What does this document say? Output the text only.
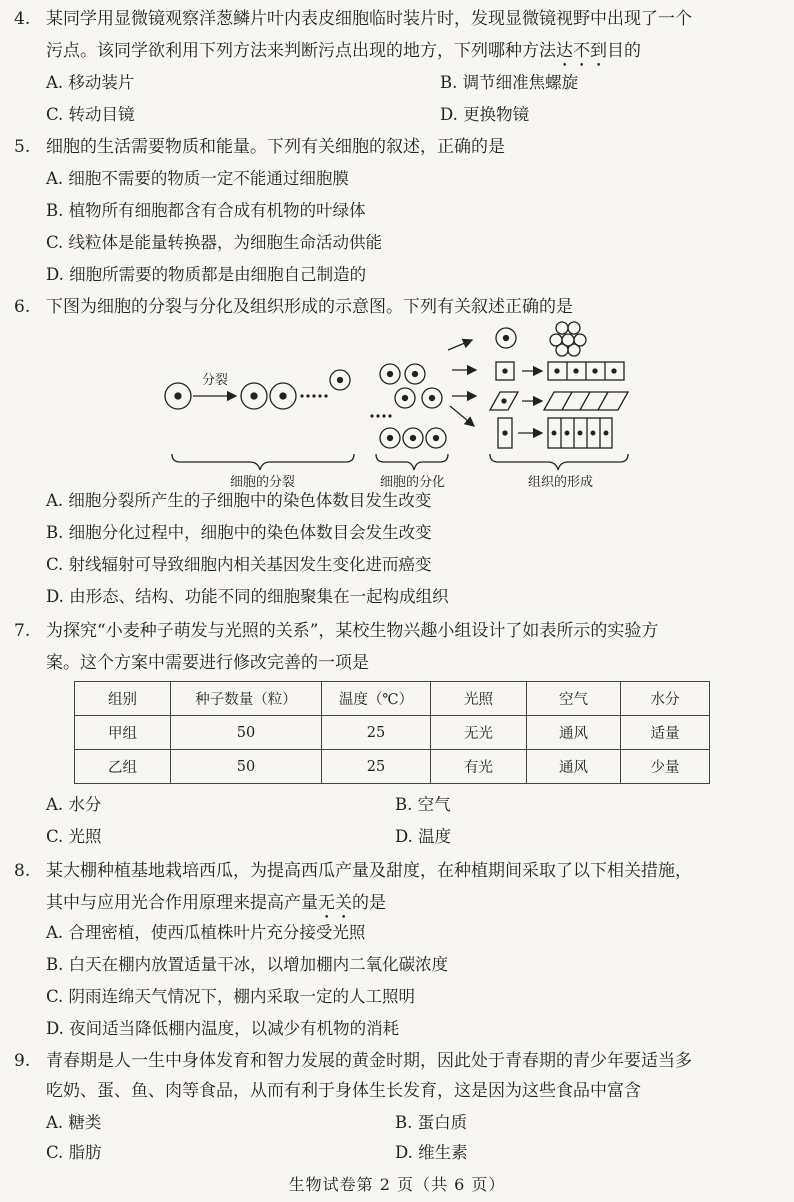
4. 某同学用显微镜观察洋葱鳞片叶内表皮细胞临时装片时，发现显微镜视野中出现了一个
污点。该同学欲利用下列方法来判断污点出现的地方，下列哪种方法达不到目的
A. 移动装片	B. 调节细准焦螺旋
C. 转动目镜	D. 更换物镜
5. 细胞的生活需要物质和能量。下列有关细胞的叙述，正确的是
A. 细胞不需要的物质一定不能通过细胞膜
B. 植物所有细胞都含有合成有机物的叶绿体
C. 线粒体是能量转换器，为细胞生命活动供能
D. 细胞所需要的物质都是由细胞自己制造的
6. 下图为细胞的分裂与分化及组织形成的示意图。下列有关叙述正确的是
分裂
细胞的分裂	细胞的分化	组织的形成
A. 细胞分裂所产生的子细胞中的染色体数目发生改变
B. 细胞分化过程中，细胞中的染色体数目会发生改变
C. 射线辐射可导致细胞内相关基因发生变化进而癌变
D. 由形态、结构、功能不同的细胞聚集在一起构成组织
7. 为探究“小麦种子萌发与光照的关系”，某校生物兴趣小组设计了如表所示的实验方
案。这个方案中需要进行修改完善的一项是
组别	种子数量（粒）	温度（℃）	光照	空气	水分
甲组	50	25	无光	通风	适量
乙组	50	25	有光	通风	少量
A. 水分	B. 空气
C. 光照	D. 温度
8. 某大棚种植基地栽培西瓜，为提高西瓜产量及甜度，在种植期间采取了以下相关措施，
其中与应用光合作用原理来提高产量无关的是
A. 合理密植，使西瓜植株叶片充分接受光照
B. 白天在棚内放置适量干冰，以增加棚内二氧化碳浓度
C. 阴雨连绵天气情况下，棚内采取一定的人工照明
D. 夜间适当降低棚内温度，以减少有机物的消耗
9. 青春期是人一生中身体发育和智力发展的黄金时期，因此处于青春期的青少年要适当多
吃奶、蛋、鱼、肉等食品，从而有利于身体生长发育，这是因为这些食品中富含
A. 糖类	B. 蛋白质
C. 脂肪	D. 维生素
生物试卷第 2 页（共 6 页）
